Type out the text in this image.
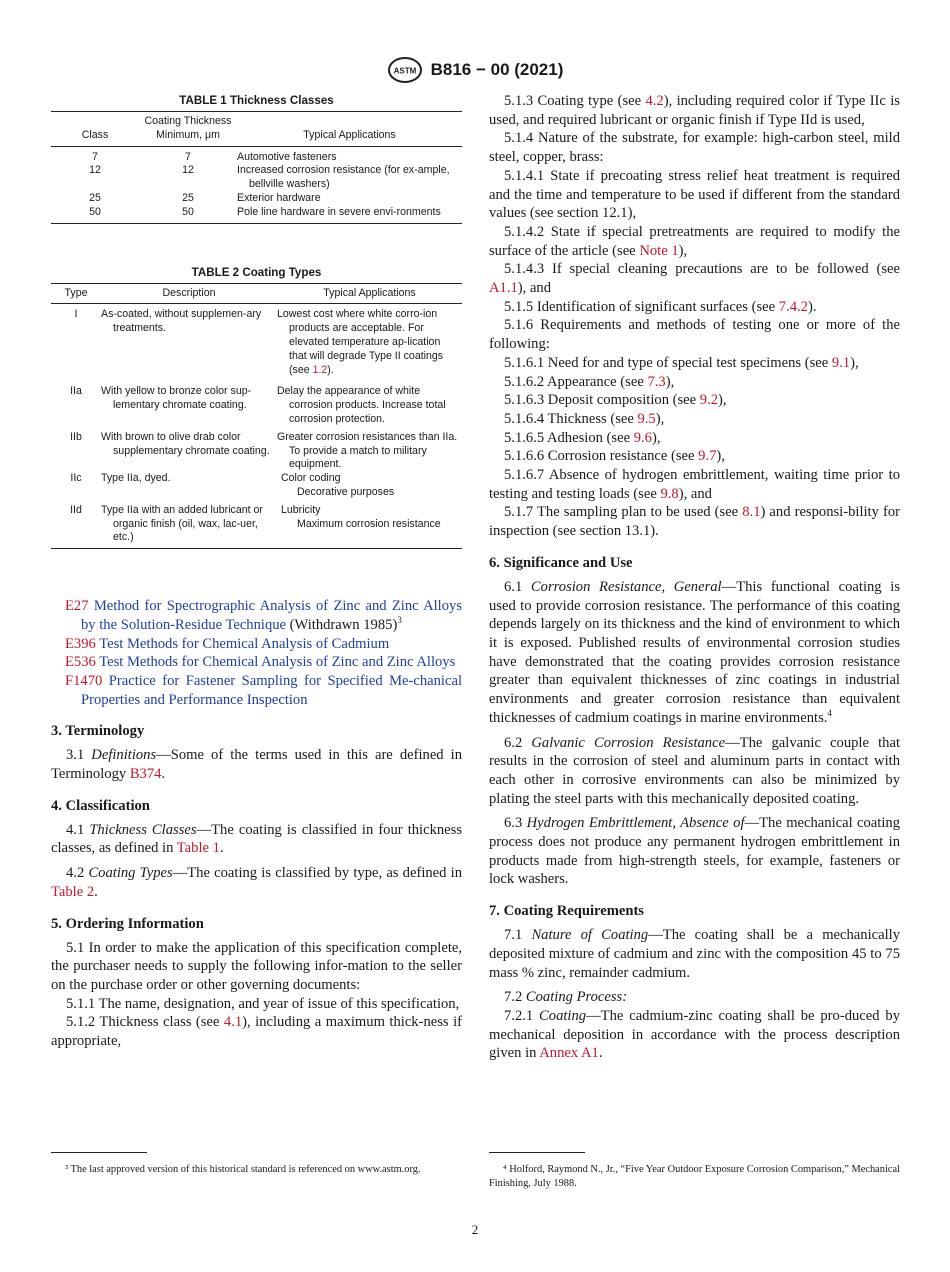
ASTM B816 − 00 (2021)
TABLE 1 Thickness Classes
Class	Coating Thickness Minimum, μm	Typical Applications
7	7	Automotive fasteners
12	12	Increased corrosion resistance (for ex-ample, bellville washers)
25	25	Exterior hardware
50	50	Pole line hardware in severe envi-ronments
TABLE 2 Coating Types
Type	Description	Typical Applications
I	As-coated, without supplemen-ary treatments.	Lowest cost where white corro-ion products are acceptable. For elevated temperature ap-lication that will degrade Type II coatings (see 1.2).
IIa	With yellow to bronze color sup-lementary chromate coating.	Delay the appearance of white corrosion products. Increase total corrosion protection.
IIb	With brown to olive drab color supplementary chromate coating.	Greater corrosion resistances than IIa. To provide a match to military equipment.
IIc	Type IIa, dyed.	Color coding
Decorative purposes

IId	Type IIa with an added lubricant or organic finish (oil, wax, lac-uer, etc.)	Lubricity
Maximum corrosion resistance

E27 Method for Spectrographic Analysis of Zinc and Zinc Alloys by the Solution-Residue Technique (Withdrawn 1985)$^3$

E396 Test Methods for Chemical Analysis of Cadmium

E536 Test Methods for Chemical Analysis of Zinc and Zinc Alloys

F1470 Practice for Fastener Sampling for Specified Me-chanical Properties and Performance Inspection

3. Terminology

3.1 Definitions—Some of the terms used in this are defined in Terminology B374.

4. Classification

4.1 Thickness Classes—The coating is classified in four thickness classes, as defined in Table 1.

4.2 Coating Types—The coating is classified by type, as defined in Table 2.

5. Ordering Information

5.1 In order to make the application of this specification complete, the purchaser needs to supply the following infor-mation to the seller on the purchase order or other governing documents:

5.1.1 The name, designation, and year of issue of this specification,

5.1.2 Thickness class (see 4.1), including a maximum thick-ness if appropriate,

5.1.3 Coating type (see 4.2), including required color if Type IIc is used, and required lubricant or organic finish if Type IId is used,

5.1.4 Nature of the substrate, for example: high-carbon steel, mild steel, copper, brass:

5.1.4.1 State if precoating stress relief heat treatment is required and the time and temperature to be used if different from the standard values (see section 12.1),

5.1.4.2 State if special pretreatments are required to modify the surface of the article (see Note 1),

5.1.4.3 If special cleaning precautions are to be followed (see A1.1), and

5.1.5 Identification of significant surfaces (see 7.4.2).

5.1.6 Requirements and methods of testing one or more of the following:

5.1.6.1 Need for and type of special test specimens (see 9.1),

5.1.6.2 Appearance (see 7.3),

5.1.6.3 Deposit composition (see 9.2),

5.1.6.4 Thickness (see 9.5),

5.1.6.5 Adhesion (see 9.6),

5.1.6.6 Corrosion resistance (see 9.7),

5.1.6.7 Absence of hydrogen embrittlement, waiting time prior to testing and testing loads (see 9.8), and

5.1.7 The sampling plan to be used (see 8.1) and responsi-bility for inspection (see section 13.1).

6. Significance and Use

6.1 Corrosion Resistance, General—This functional coating is used to provide corrosion resistance. The performance of this coating depends largely on its thickness and the kind of environment to which it is exposed. Published results of environmental corrosion studies have demonstrated that the coating provides corrosion resistance greater than equivalent thicknesses of zinc coatings in industrial environments and greater corrosion resistance than equivalent thicknesses of cadmium coatings in marine environments.$^4$

6.2 Galvanic Corrosion Resistance—The galvanic couple that results in the corrosion of steel and aluminum parts in contact with each other in corrosive environments can also be minimized by plating the steel parts with this mechanically deposited coating.

6.3 Hydrogen Embrittlement, Absence of—The mechanical coating process does not produce any permanent hydrogen embrittlement in products made from high-strength steels, for example, fasteners or lock washers.

7. Coating Requirements

7.1 Nature of Coating—The coating shall be a mechanically deposited mixture of cadmium and zinc with the composition 45 to 75 mass % zinc, remainder cadmium.

7.2 Coating Process:

7.2.1 Coating—The cadmium-zinc coating shall be pro-duced by mechanical deposition in accordance with the process description given in Annex A1.

³ The last approved version of this historical standard is referenced on www.astm.org.	⁴ Holford, Raymond N., Jr., “Five Year Outdoor Exposure Corrosion Comparison,” Mechanical Finishing, July 1988.

2
